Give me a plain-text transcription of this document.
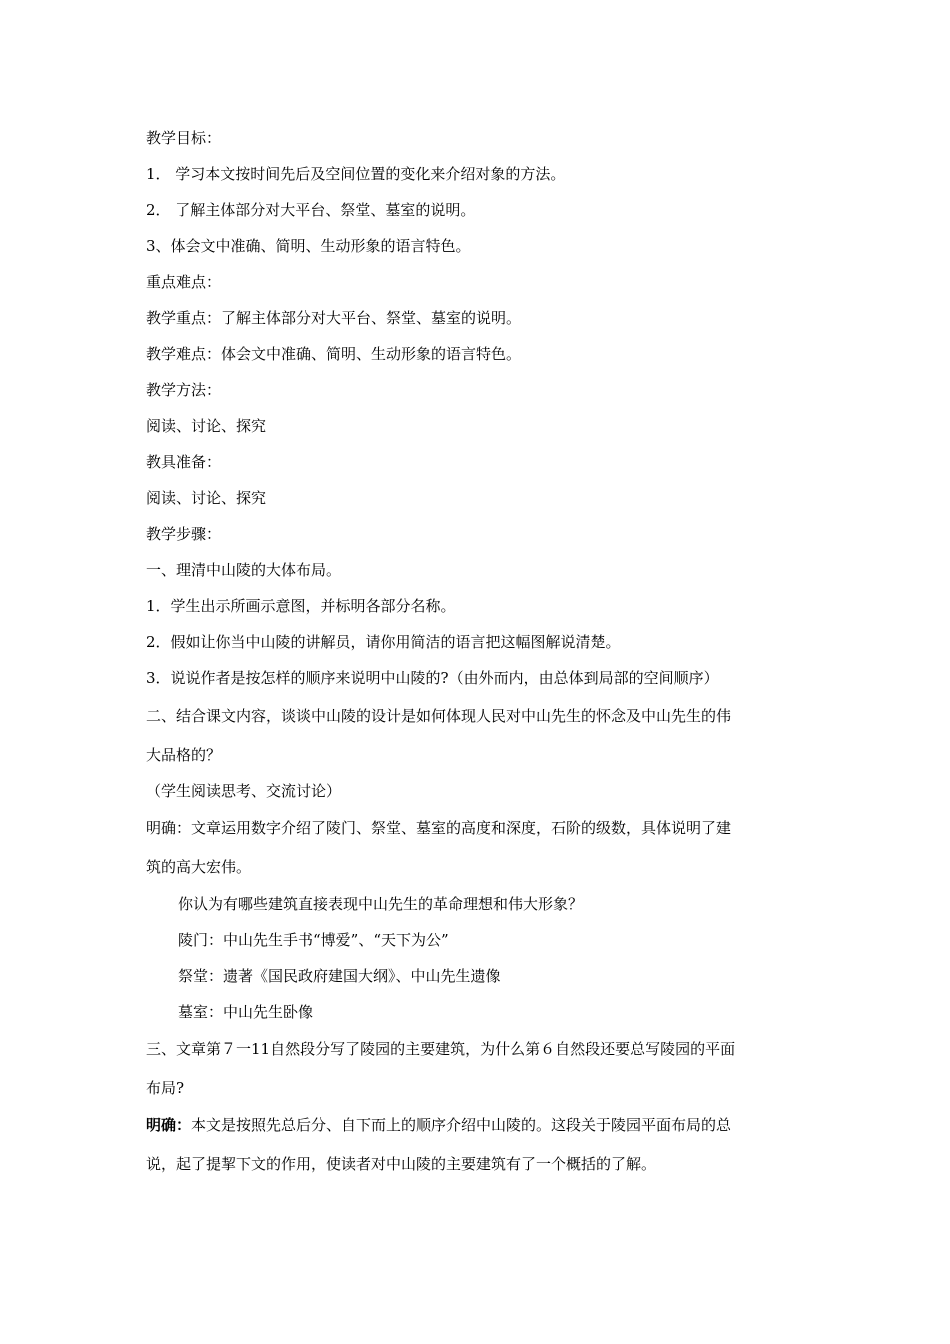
教学目标：
1． 学习本文按时间先后及空间位置的变化来介绍对象的方法。
2． 了解主体部分对大平台、祭堂、墓室的说明。
3、体会文中准确、简明、生动形象的语言特色。
重点难点：
教学重点：了解主体部分对大平台、祭堂、墓室的说明。
教学难点：体会文中准确、简明、生动形象的语言特色。
教学方法：
阅读、讨论、探究
教具准备：
阅读、讨论、探究
教学步骤：
一、理清中山陵的大体布局。
1．学生出示所画示意图，并标明各部分名称。
2．假如让你当中山陵的讲解员，请你用简洁的语言把这幅图解说清楚。
3．说说作者是按怎样的顺序来说明中山陵的?（由外而内，由总体到局部的空间顺序）
二、结合课文内容，谈谈中山陵的设计是如何体现人民对中山先生的怀念及中山先生的伟
大品格的？
（学生阅读思考、交流讨论）
明确：文章运用数字介绍了陵门、祭堂、墓室的高度和深度，石阶的级数，具体说明了建
筑的高大宏伟。
你认为有哪些建筑直接表现中山先生的革命理想和伟大形象？
陵门：中山先生手书“博爱”、“天下为公”
祭堂：遗著《国民政府建国大纲》、中山先生遗像
墓室：中山先生卧像
三、文章第７一11自然段分写了陵园的主要建筑，为什么第６自然段还要总写陵园的平面
布局?
明确：本文是按照先总后分、自下而上的顺序介绍中山陵的。这段关于陵园平面布局的总
说，起了提挈下文的作用，使读者对中山陵的主要建筑有了一个概括的了解。
